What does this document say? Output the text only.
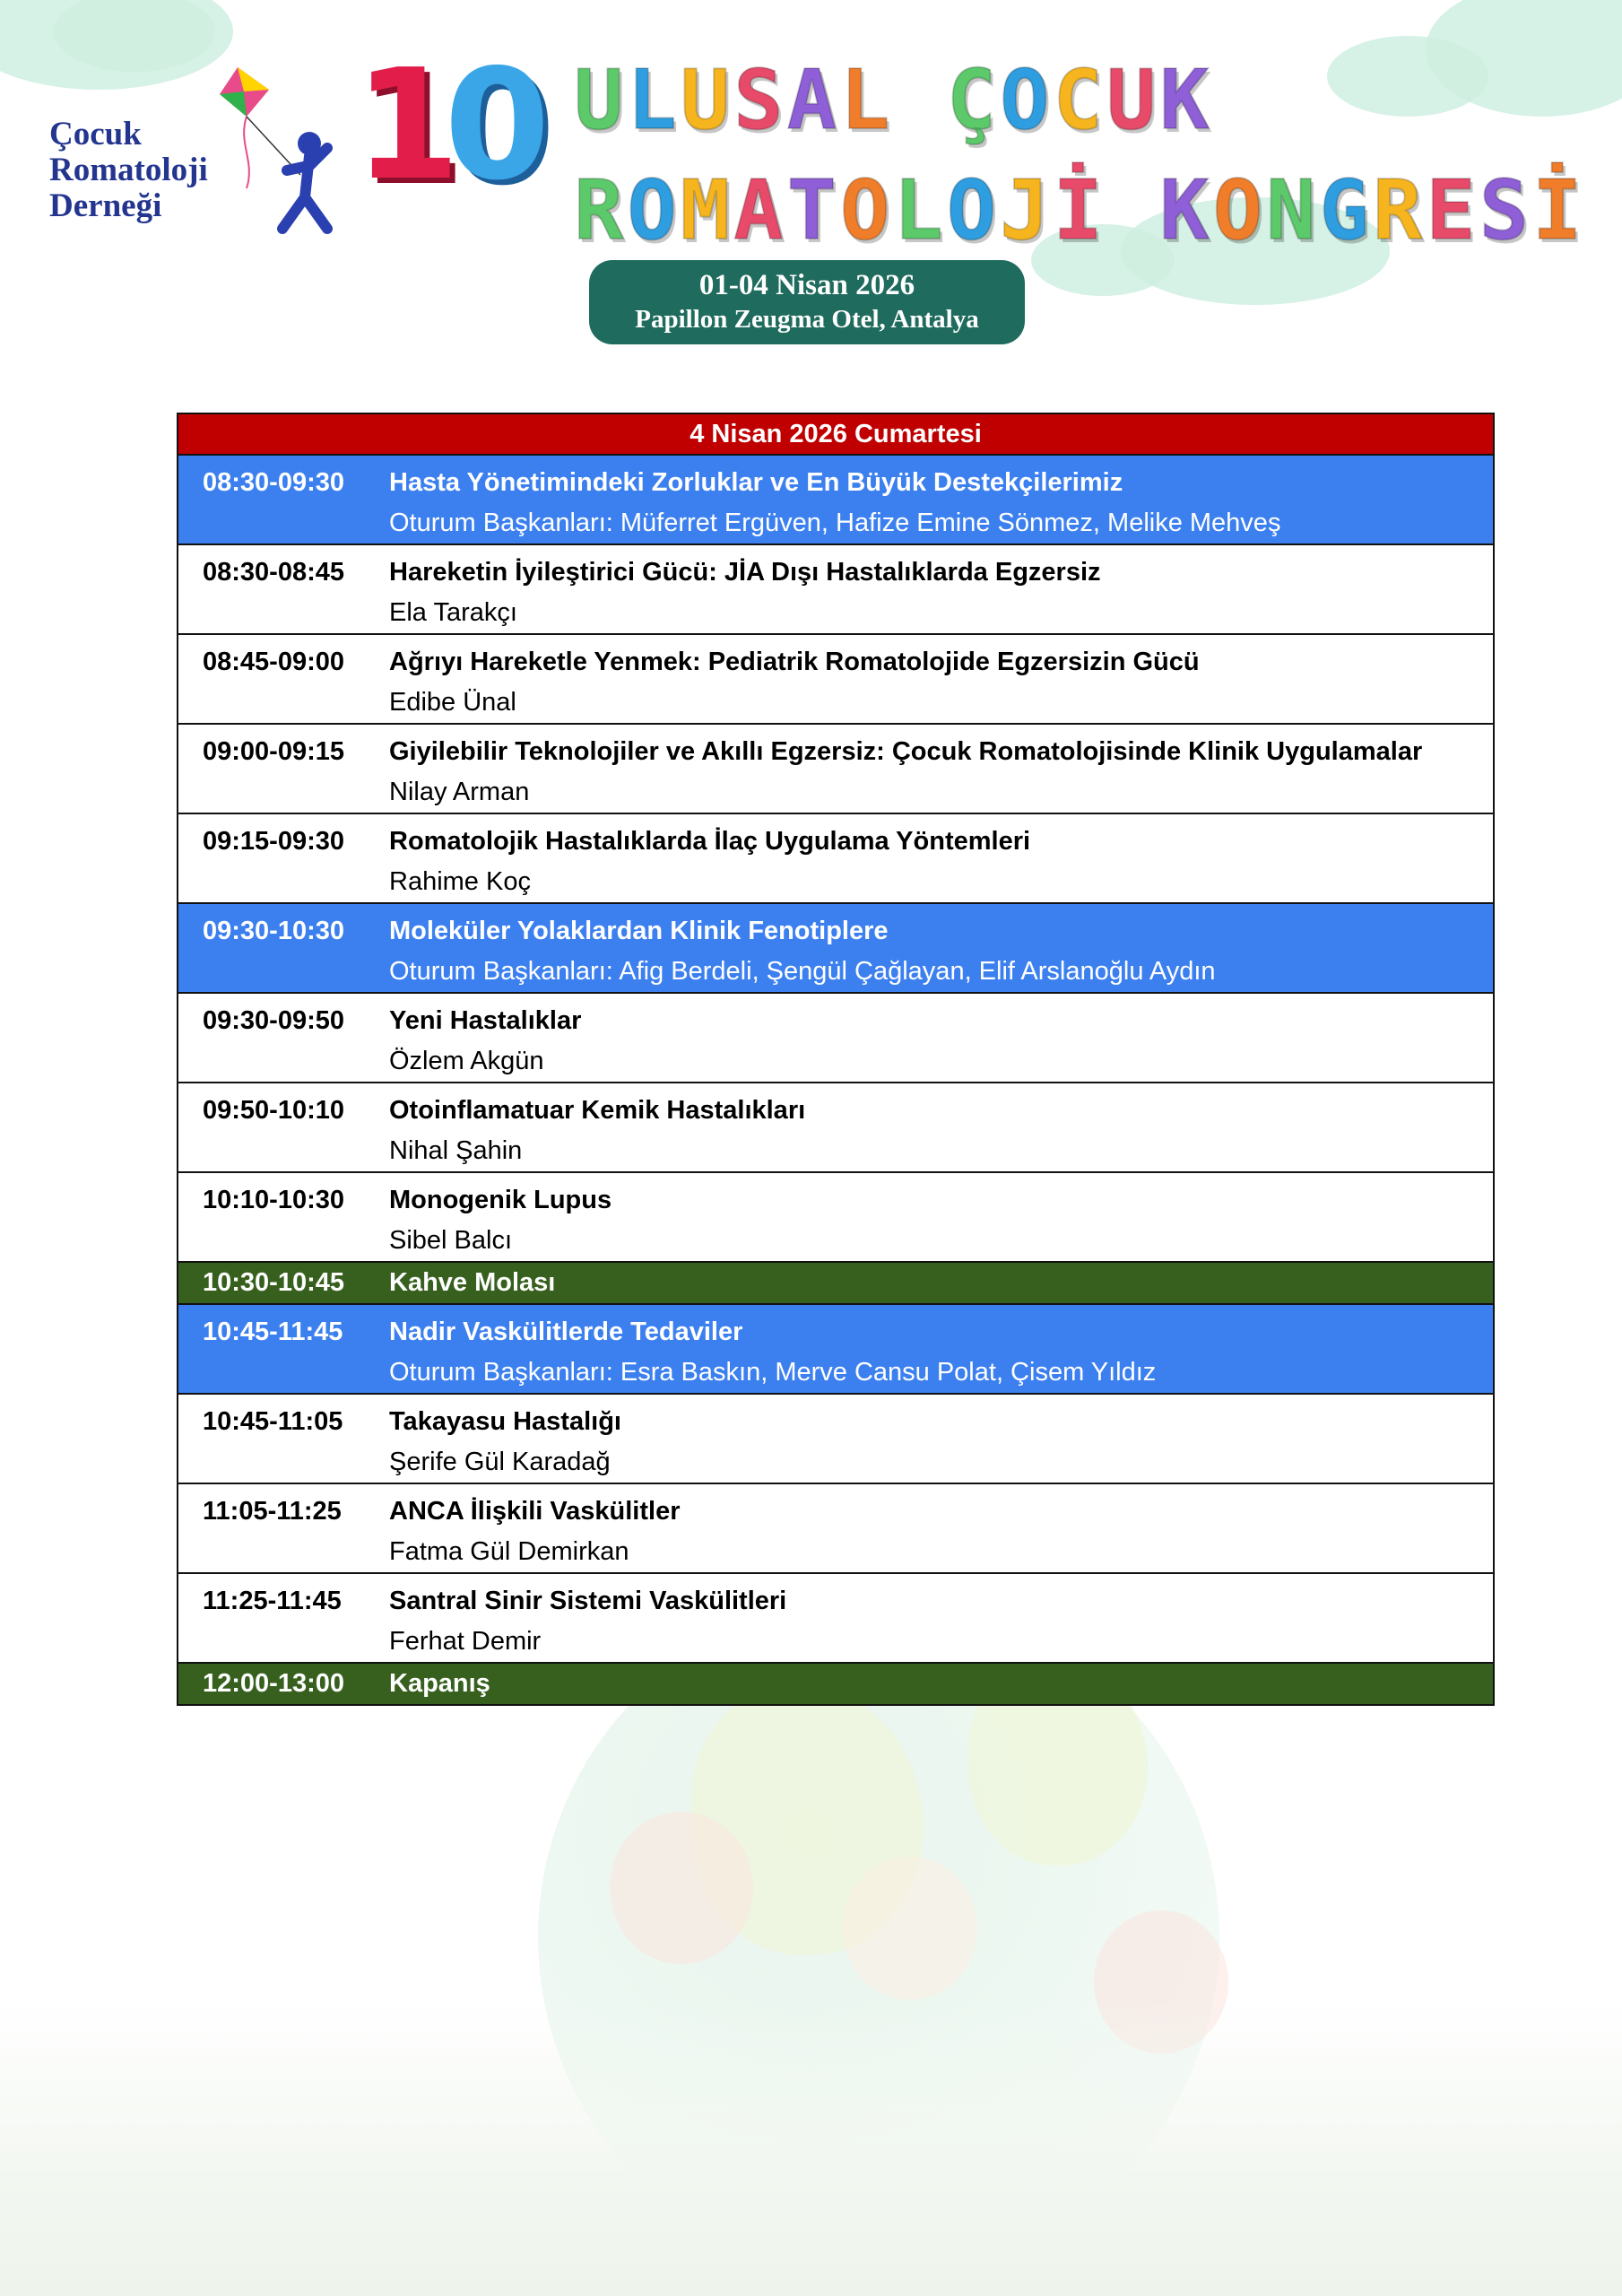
Çocuk
Romatoloji
Derneği	10 ULUSAL ÇOCUK
ROMATOLOJİ KONGRESİ
01-04 Nisan 2026
Papillon Zeugma Otel, Antalya
4 Nisan 2026 Cumartesi
08:30-09:30	Hasta Yönetimindeki Zorluklar ve En Büyük Destekçilerimiz
Oturum Başkanları: Müferret Ergüven, Hafize Emine Sönmez, Melike Mehveş
08:30-08:45	Hareketin İyileştirici Gücü: JİA Dışı Hastalıklarda Egzersiz
Ela Tarakçı
08:45-09:00	Ağrıyı Hareketle Yenmek: Pediatrik Romatolojide Egzersizin Gücü
Edibe Ünal
09:00-09:15	Giyilebilir Teknolojiler ve Akıllı Egzersiz: Çocuk Romatolojisinde Klinik Uygulamalar
Nilay Arman
09:15-09:30	Romatolojik Hastalıklarda İlaç Uygulama Yöntemleri
Rahime Koç
09:30-10:30	Moleküler Yolaklardan Klinik Fenotiplere
Oturum Başkanları: Afig Berdeli, Şengül Çağlayan, Elif Arslanoğlu Aydın
09:30-09:50	Yeni Hastalıklar
Özlem Akgün
09:50-10:10	Otoinflamatuar Kemik Hastalıkları
Nihal Şahin
10:10-10:30	Monogenik Lupus
Sibel Balcı
10:30-10:45	Kahve Molası
10:45-11:45	Nadir Vaskülitlerde Tedaviler
Oturum Başkanları: Esra Baskın, Merve Cansu Polat, Çisem Yıldız
10:45-11:05	Takayasu Hastalığı
Şerife Gül Karadağ
11:05-11:25	ANCA İlişkili Vaskülitler
Fatma Gül Demirkan
11:25-11:45	Santral Sinir Sistemi Vaskülitleri
Ferhat Demir
12:00-13:00	Kapanış
